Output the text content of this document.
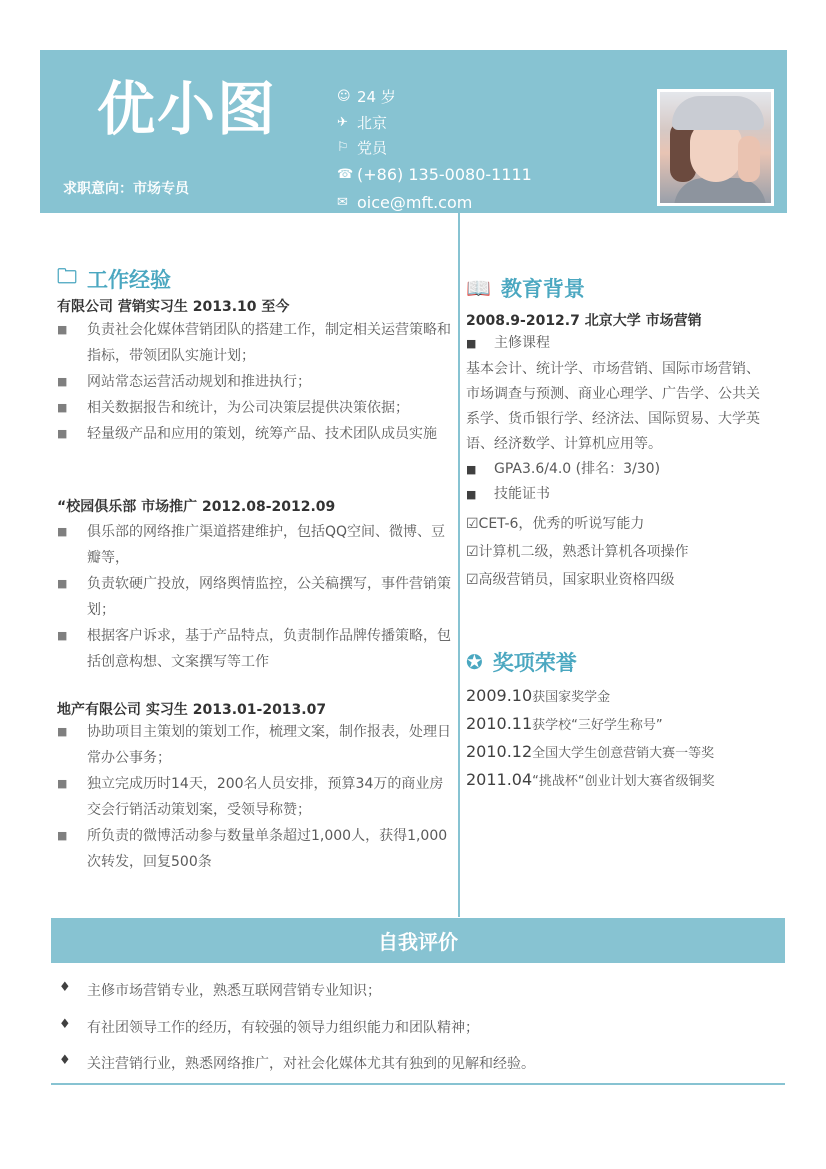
优小图
求职意向：市场专员
☺ 24 岁
✈ 北京
⚐ 党员
☎ (+86) 135-0080-1111
✉ oice@mft.com
🗀 工作经验
有限公司 营销实习生 2013.10 至今
■	负责社会化媒体营销团队的搭建工作，制定相关运营策略和指标，带领团队实施计划；
■	网站常态运营活动规划和推进执行；
■	相关数据报告和统计，为公司决策层提供决策依据；
■	轻量级产品和应用的策划，统筹产品、技术团队成员实施
“校园俱乐部 市场推广 2012.08-2012.09
■	俱乐部的网络推广渠道搭建维护，包括QQ空间、微博、豆瓣等，
■	负责软硬广投放，网络舆情监控，公关稿撰写，事件营销策划；
■	根据客户诉求，基于产品特点，负责制作品牌传播策略，包括创意构想、文案撰写等工作
地产有限公司 实习生 2013.01-2013.07
■	协助项目主策划的策划工作，梳理文案，制作报表，处理日常办公事务；
■	独立完成历时14天，200名人员安排，预算34万的商业房交会行销活动策划案，受领导称赞；
■	所负责的微博活动参与数量单条超过1,000人，获得1,000次转发，回复500条
📖 教育背景
2008.9-2012.7 北京大学 市场营销
■ 主修课程
基本会计、统计学、市场营销、国际市场营销、市场调查与预测、商业心理学、广告学、公共关系学、货币银行学、经济法、国际贸易、大学英语、经济数学、计算机应用等。
■ GPA3.6/4.0 (排名：3/30)
■ 技能证书
☑CET-6，优秀的听说写能力
☑计算机二级，熟悉计算机各项操作
☑高级营销员，国家职业资格四级
✪ 奖项荣誉
2009.10获国家奖学金
2010.11获学校“三好学生称号”
2010.12全国大学生创意营销大赛一等奖
2011.04“挑战杯“创业计划大赛省级铜奖
自我评价
♦	主修市场营销专业，熟悉互联网营销专业知识；
♦	有社团领导工作的经历，有较强的领导力组织能力和团队精神；
♦	关注营销行业，熟悉网络推广，对社会化媒体尤其有独到的见解和经验。
